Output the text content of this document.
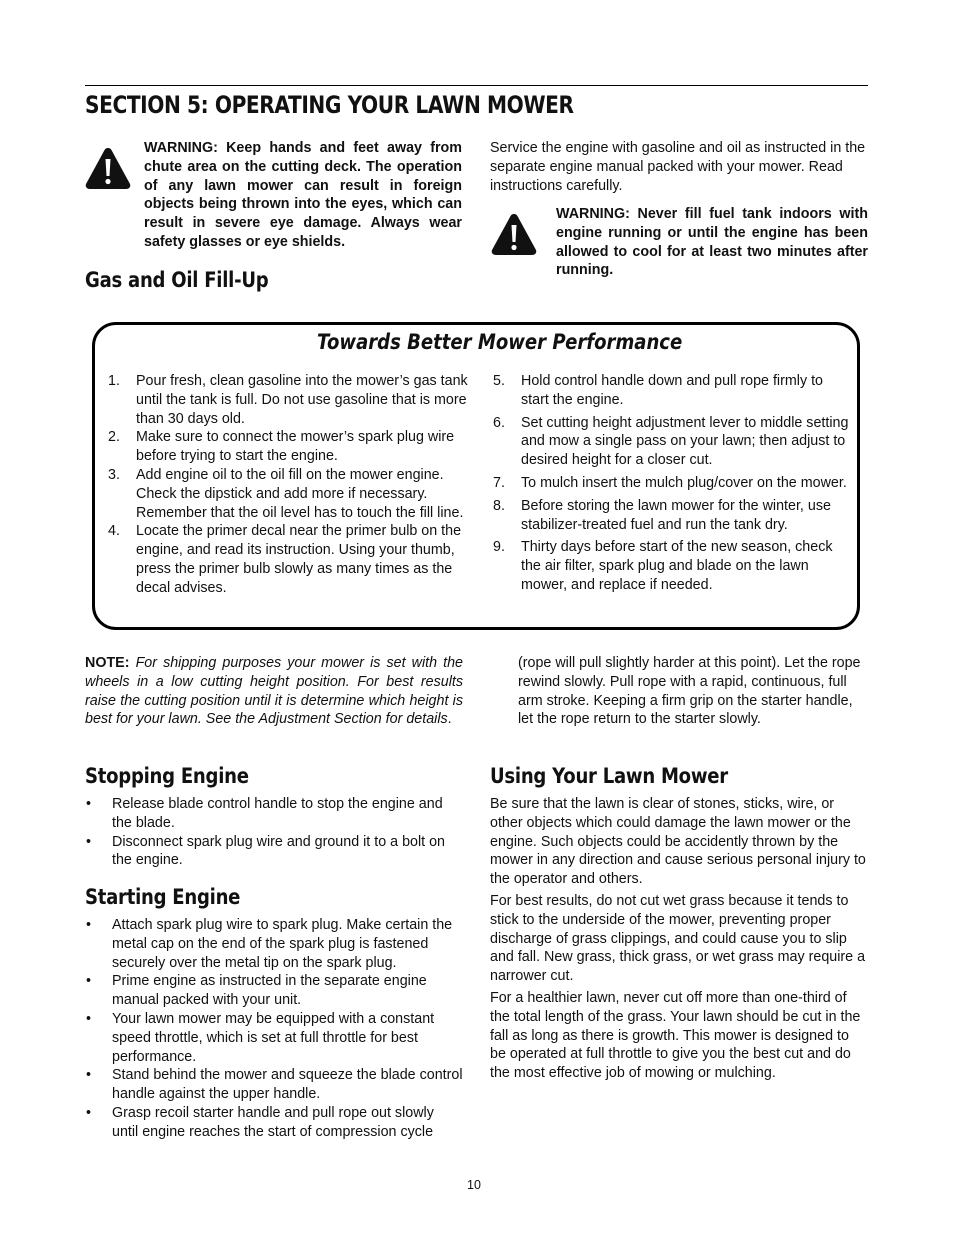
SECTION 5: OPERATING YOUR LAWN MOWER

WARNING: Keep hands and feet away from chute area on the cutting deck. The operation of any lawn mower can result in foreign objects being thrown into the eyes, which can result in severe eye damage. Always wear safety glasses or eye shields.

Gas and Oil Fill-Up

Service the engine with gasoline and oil as instructed in the separate engine manual packed with your mower. Read instructions carefully.

WARNING: Never fill fuel tank indoors with engine running or until the engine has been allowed to cool for at least two minutes after running.

Towards Better Mower Performance
1. Pour fresh, clean gasoline into the mower’s gas tank until the tank is full. Do not use gasoline that is more than 30 days old.
2. Make sure to connect the mower’s spark plug wire before trying to start the engine.
3. Add engine oil to the oil fill on the mower engine. Check the dipstick and add more if necessary. Remember that the oil level has to touch the fill line.
4. Locate the primer decal near the primer bulb on the engine, and read its instruction. Using your thumb, press the primer bulb slowly as many times as the decal advises.
5. Hold control handle down and pull rope firmly to start the engine.
6. Set cutting height adjustment lever to middle setting and mow a single pass on your lawn; then adjust to desired height for a closer cut.
7. To mulch insert the mulch plug/cover on the mower.
8. Before storing the lawn mower for the winter, use stabilizer-treated fuel and run the tank dry.
9. Thirty days before start of the new season, check the air filter, spark plug and blade on the lawn mower, and replace if needed.

NOTE: For shipping purposes your mower is set with the wheels in a low cutting height position. For best results raise the cutting position until it is determine which height is best for your lawn. See the Adjustment Section for details.

(rope will pull slightly harder at this point). Let the rope rewind slowly. Pull rope with a rapid, continuous, full arm stroke. Keeping a firm grip on the starter handle, let the rope return to the starter slowly.

Stopping Engine
• Release blade control handle to stop the engine and the blade.
• Disconnect spark plug wire and ground it to a bolt on the engine.
Starting Engine
• Attach spark plug wire to spark plug. Make certain the metal cap on the end of the spark plug is fastened securely over the metal tip on the spark plug.
• Prime engine as instructed in the separate engine manual packed with your unit.
• Your lawn mower may be equipped with a constant speed throttle, which is set at full throttle for best performance.
• Stand behind the mower and squeeze the blade control handle against the upper handle.
• Grasp recoil starter handle and pull rope out slowly until engine reaches the start of compression cycle
Using Your Lawn Mower

Be sure that the lawn is clear of stones, sticks, wire, or other objects which could damage the lawn mower or the engine. Such objects could be accidently thrown by the mower in any direction and cause serious personal injury to the operator and others.

For best results, do not cut wet grass because it tends to stick to the underside of the mower, preventing proper discharge of grass clippings, and could cause you to slip and fall. New grass, thick grass, or wet grass may require a narrower cut.

For a healthier lawn, never cut off more than one-third of the total length of the grass. Your lawn should be cut in the fall as long as there is growth. This mower is designed to be operated at full throttle to give you the best cut and do the most effective job of mowing or mulching.

10
